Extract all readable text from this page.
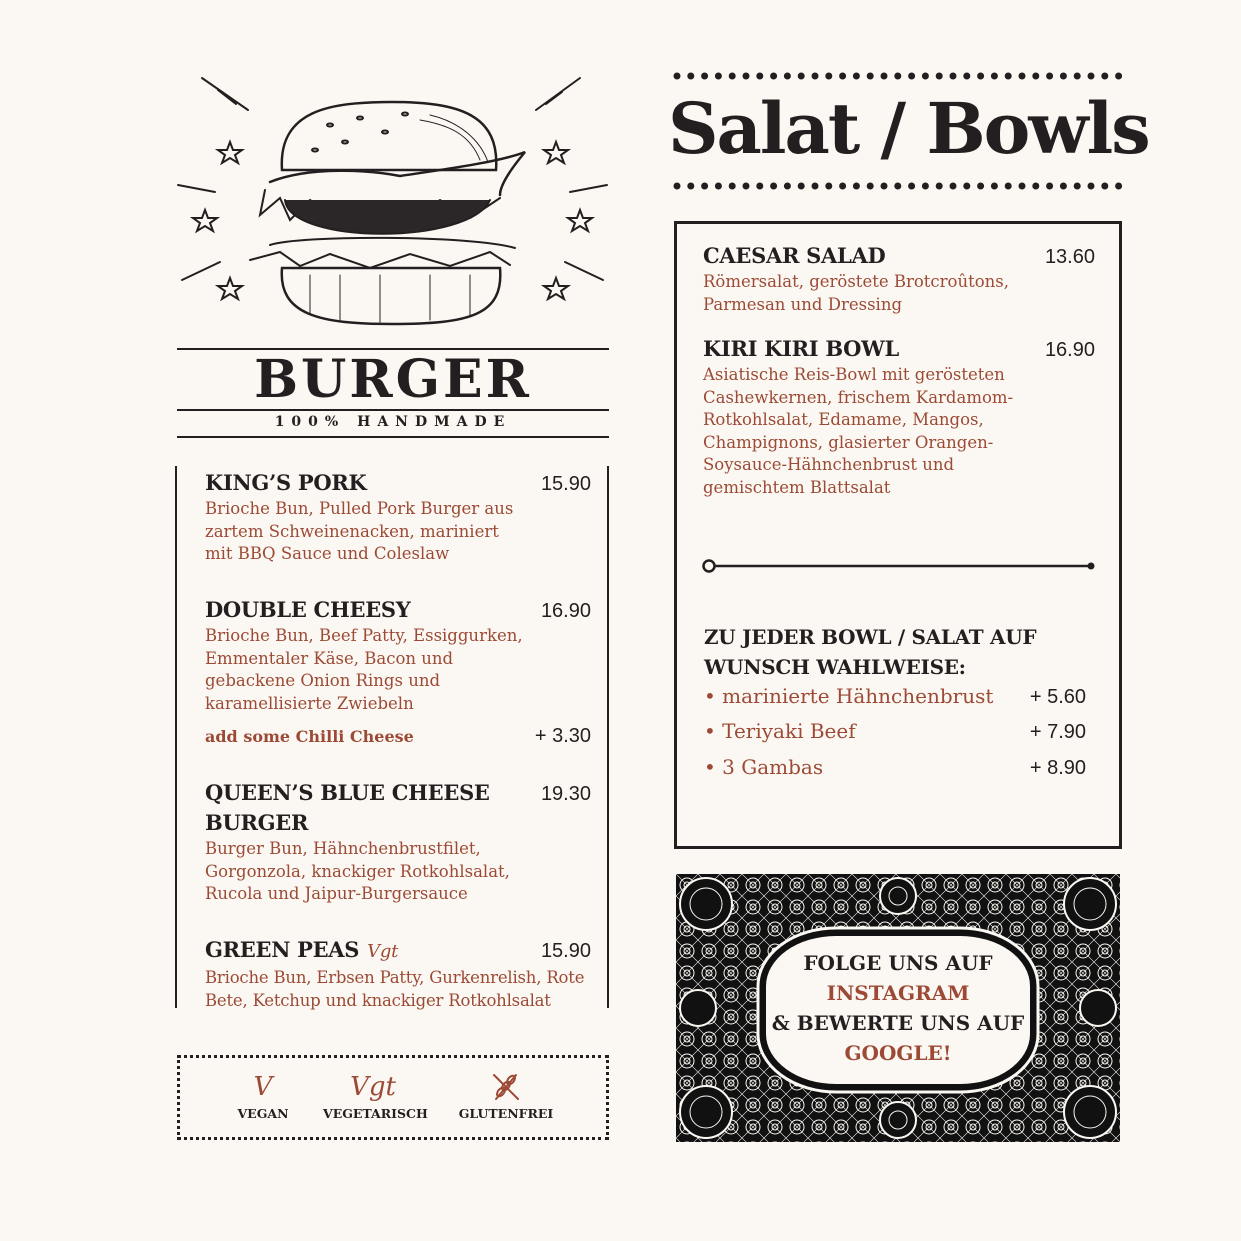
BURGER
100% HANDMADE
KING’S PORK	15.90
Brioche Bun, Pulled Pork Burger aus zartem Schweinenacken, mariniert mit BBQ Sauce und Coleslaw
DOUBLE CHEESY	16.90
Brioche Bun, Beef Patty, Essiggurken, Emmentaler Käse, Bacon und gebackene Onion Rings und karamellisierte Zwiebeln
add some Chilli Cheese	+ 3.30
QUEEN’S BLUE CHEESE BURGER
19.30
Burger Bun, Hähnchenbrustfilet, Gorgonzola, knackiger Rotkohlsalat, Rucola und Jaipur-Burgersauce
GREEN PEAS Vgt	15.90
Brioche Bun, Erbsen Patty, Gurkenrelish, Rote Bete, Ketchup und knackiger Rotkohlsalat
V
VEGAN
Vgt
VEGETARISCH GLUTENFREI
Salat / Bowls
CAESAR SALAD	13.60
Römersalat, geröstete Brotcroûtons, Parmesan und Dressing
KIRI KIRI BOWL	16.90
Asiatische Reis-Bowl mit gerösteten Cashewkernen, frischem Kardamom-Rotkohlsalat, Edamame, Mangos, Champignons, glasierter Orangen-Soysauce-Hähnchenbrust und gemischtem Blattsalat
ZU JEDER BOWL / SALAT AUF WUNSCH WAHLWEISE:
• marinierte Hähnchenbrust + 5.60
• Teriyaki Beef	+ 7.90
• 3 Gambas	+ 8.90
FOLGE UNS AUF
INSTAGRAM
& BEWERTE UNS AUF
GOOGLE!
